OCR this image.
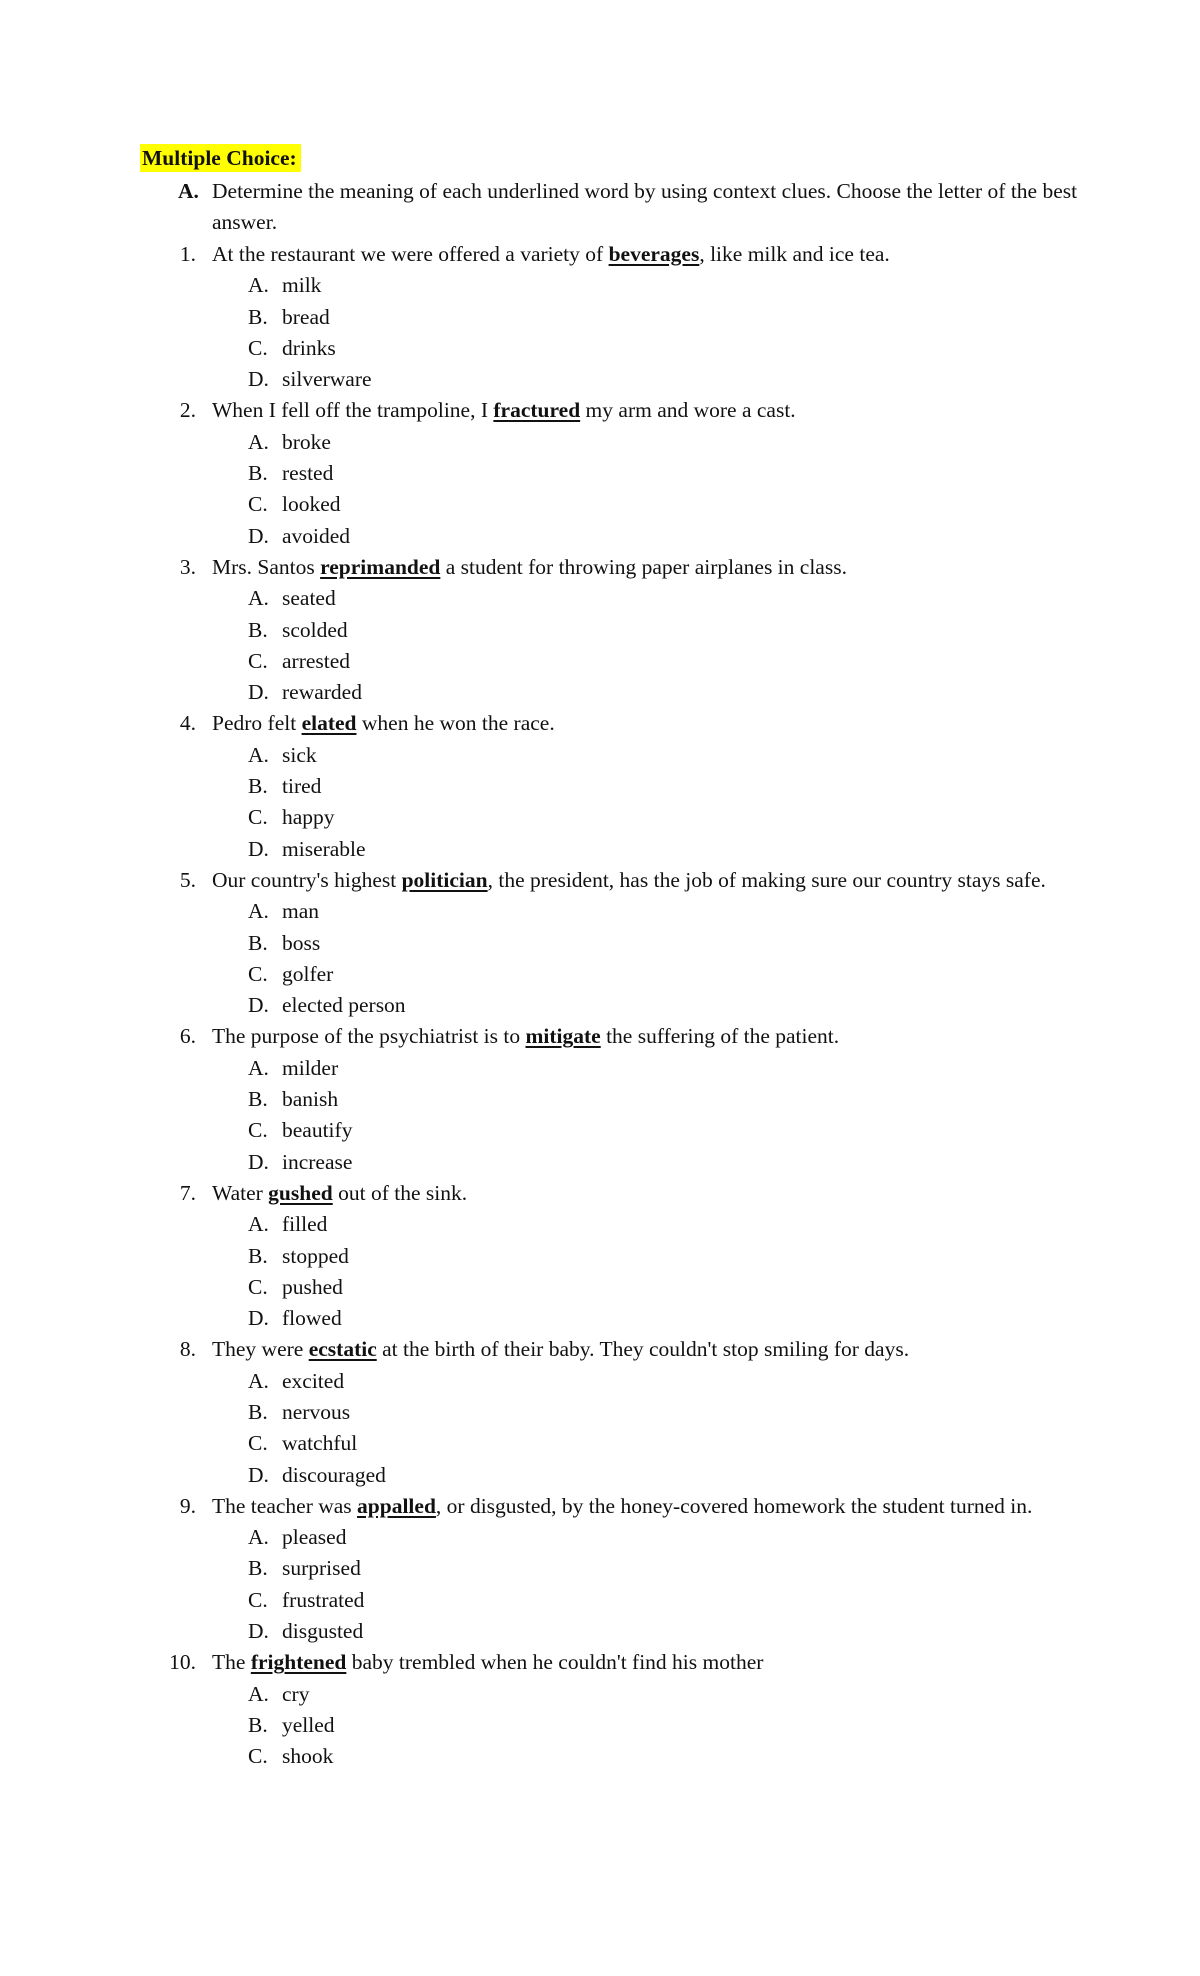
Multiple Choice:
A. Determine the meaning of each underlined word by using context clues. Choose the letter of the best answer.
1. At the restaurant we were offered a variety of beverages, like milk and ice tea.
A. milk
B. bread
C. drinks
D. silverware
2. When I fell off the trampoline, I fractured my arm and wore a cast.
A. broke
B. rested
C. looked
D. avoided
3. Mrs. Santos reprimanded a student for throwing paper airplanes in class.
A. seated
B. scolded
C. arrested
D. rewarded
4. Pedro felt elated when he won the race.
A. sick
B. tired
C. happy
D. miserable
5. Our country's highest politician, the president, has the job of making sure our country stays safe.
A. man
B. boss
C. golfer
D. elected person
6. The purpose of the psychiatrist is to mitigate the suffering of the patient.
A. milder
B. banish
C. beautify
D. increase
7. Water gushed out of the sink.
A. filled
B. stopped
C. pushed
D. flowed
8. They were ecstatic at the birth of their baby. They couldn't stop smiling for days.
A. excited
B. nervous
C. watchful
D. discouraged
9. The teacher was appalled, or disgusted, by the honey-covered homework the student turned in.
A. pleased
B. surprised
C. frustrated
D. disgusted
10. The frightened baby trembled when he couldn't find his mother
A. cry
B. yelled
C. shook
